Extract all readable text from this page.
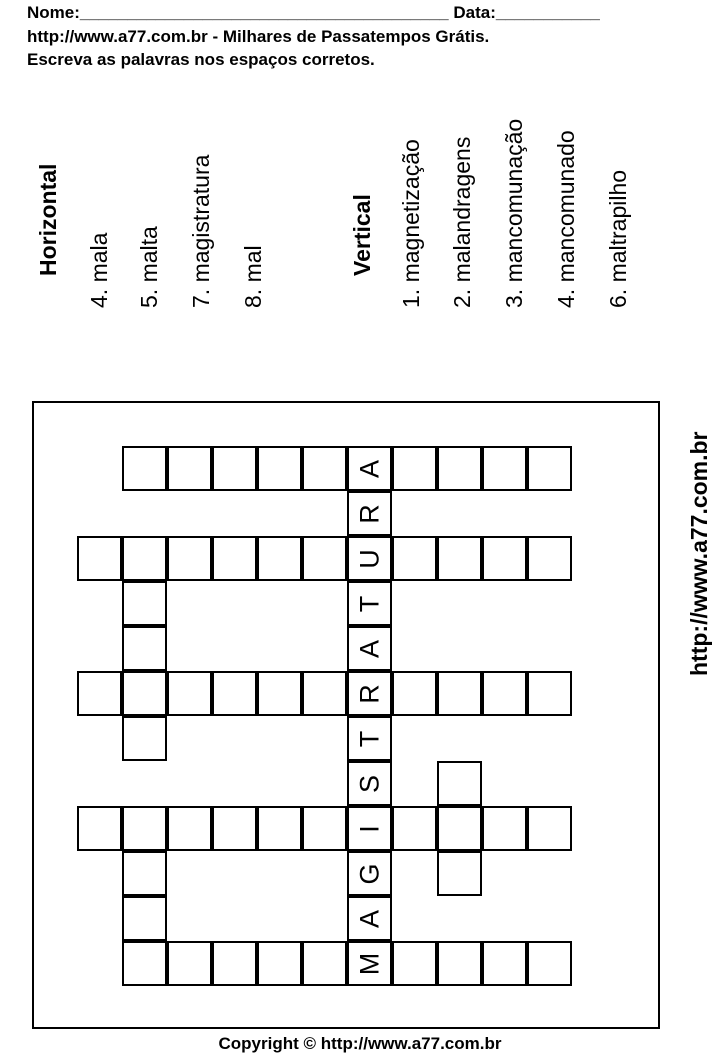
Nome:_______________________________________ Data:___________
http://www.a77.com.br - Milhares de Passatempos Grátis.
Escreva as palavras nos espaços corretos.
Horizontal 4. mala 5. malta 7. magistratura 8. mal
Vertical 1. magnetização 2. malandragens 3. mancomunação 4. mancomunado 6. maltrapilho
A
U
R
I
M
R
T
A
T
S
G
A
http://www.a77.com.br
Copyright © http://www.a77.com.br
